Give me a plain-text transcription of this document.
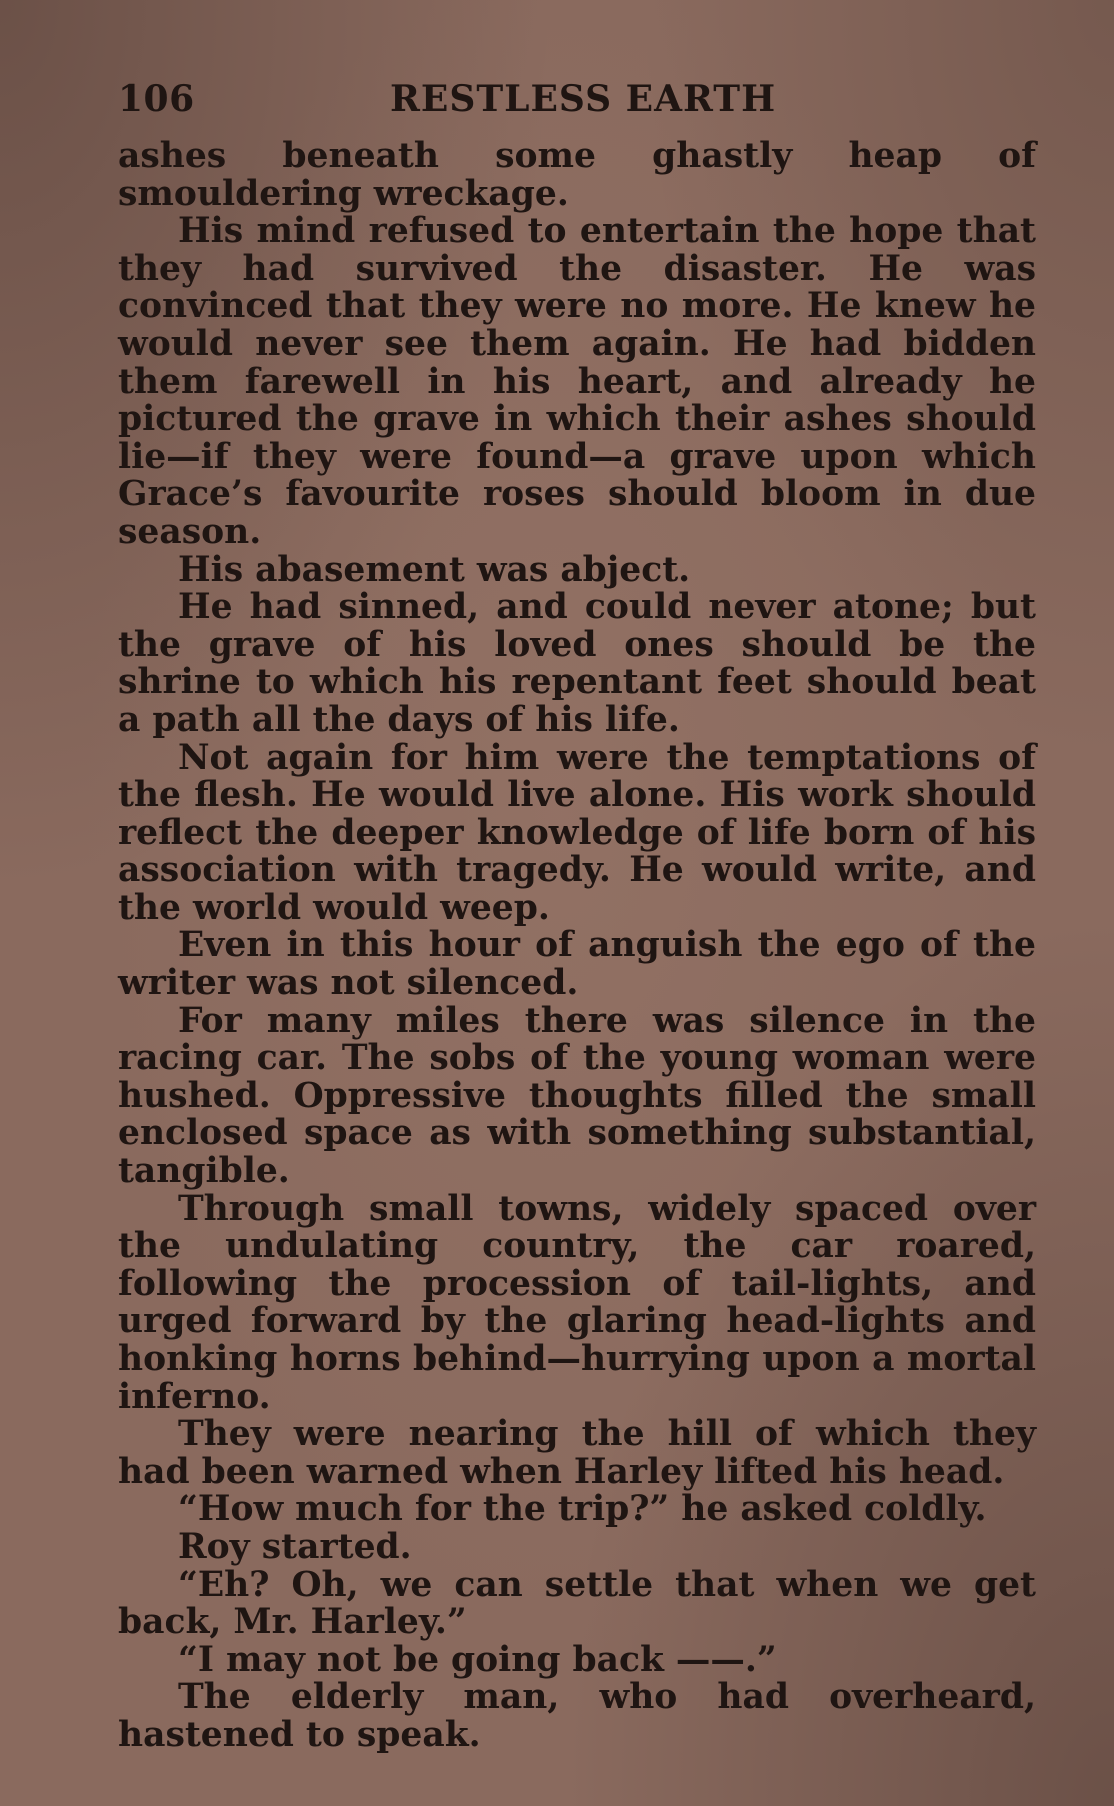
106	RESTLESS EARTH

ashes beneath some ghastly heap of smouldering wreckage.

His mind refused to entertain the hope that they had survived the disaster. He was convinced that they were no more. He knew he would never see them again. He had bidden them farewell in his heart, and already he pictured the grave in which their ashes should lie—if they were found—a grave upon which Grace’s favourite roses should bloom in due season.

His abasement was abject.

He had sinned, and could never atone; but the grave of his loved ones should be the shrine to which his repentant feet should beat a path all the days of his life.

Not again for him were the temptations of the flesh. He would live alone. His work should reflect the deeper knowledge of life born of his association with tragedy. He would write, and the world would weep.

Even in this hour of anguish the ego of the writer was not silenced.

For many miles there was silence in the racing car. The sobs of the young woman were hushed. Oppressive thoughts filled the small enclosed space as with something substantial, tangible.

Through small towns, widely spaced over the undulating country, the car roared, following the procession of tail-lights, and urged forward by the glaring head-lights and honking horns behind—hurrying upon a mortal inferno.

They were nearing the hill of which they had been warned when Harley lifted his head.

“How much for the trip?” he asked coldly.

Roy started.

“Eh? Oh, we can settle that when we get back, Mr. Harley.”

“I may not be going back ——.”

The elderly man, who had overheard, hastened to speak.
